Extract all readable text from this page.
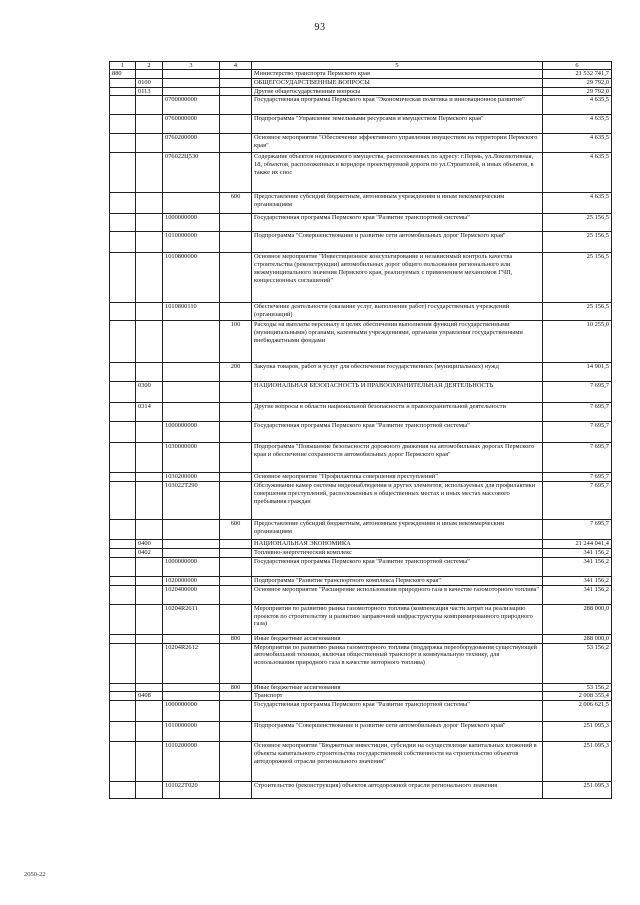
93
1	2	3	4	5	6
880				Министерство транспорта Пермского края	21 532 741,7
	0100			ОБЩЕГОСУДАРСТВЕННЫЕ ВОПРОСЫ	29 792,0
	0113			Другие общегосударственные вопросы	29 792,0
		0700000000		Государственная программа Пермского края "Экономическая политика и инновационное развитие"	4 635,5
		0760000000		Подпрограмма "Управление земельными ресурсами и имуществом Пермского края"	4 635,5
		0760200000		Основное мероприятие "Обеспечение эффективного управления имуществом на территории Пермского края"	4 635,5
		076022Ц530		Содержание объектов недвижимого имущества, расположенных по адресу: г.Пермь, ул.Локомотивная, 18, объектов, расположенных в коридоре проектируемой дороги по ул.Строителей, и иных объектов, в также их снос	4 635,5
			600	Предоставление субсидий бюджетным, автономным учреждениям и иным некоммерческим организациям	4 635,5
		1000000000		Государственная программа Пермского края "Развитие транспортной системы"	25 156,5
		1010000000		Подпрограмма "Совершенствование и развитие сети автомобильных дорог Пермского края"	25 156,5
		1010800000		Основное мероприятие "Инвестиционное консультирование и независимый контроль качества строительства (реконструкции) автомобильных дорог общего пользования регионального или межмуниципального значения Пермского края, реализуемых с применением механизмов ГЧП, концессионных соглашений"	25 156,5
		1010800110		Обеспечение деятельности (оказание услуг, выполнение работ) государственных учреждений (организаций)	25 156,5
			100	Расходы на выплаты персоналу в целях обеспечения выполнения функций государственными (муниципальными) органами, казенными учреждениями, органами управления государственными внебюджетными фондами	10 255,0
			200	Закупка товаров, работ и услуг для обеспечения государственных (муниципальных) нужд	14 901,5
	0300			НАЦИОНАЛЬНАЯ БЕЗОПАСНОСТЬ И ПРАВООХРАНИТЕЛЬНАЯ ДЕЯТЕЛЬНОСТЬ	7 695,7
	0314			Другие вопросы в области национальной безопасности и правоохранительной деятельности	7 695,7
		1000000000		Государственная программа Пермского края "Развитие транспортной системы"	7 695,7
		1030000000		Подпрограмма "Повышение безопасности дорожного движения на автомобильных дорогах Пермского края и обеспечение сохранности автомобильных дорог Пермского края"	7 695,7
		1030200000		Основное мероприятие "Профилактика совершения преступлений"	7 695,7
		103022Т290		Обслуживание камер системы видеонаблюдения и других элементов, используемых для профилактики совершения преступлений, расположенных в общественных местах и иных местах массового пребывания граждан	7 695,7
			600	Предоставление субсидий бюджетным, автономным учреждениям и иным некоммерческим организациям	7 695,7
	0400			НАЦИОНАЛЬНАЯ ЭКОНОМИКА	21 244 041,4
	0402			Топливно-энергетический комплекс	341 156,2
		1000000000		Государственная программа Пермского края "Развитие транспортной системы"	341 156,2
		1020000000		Подпрограмма "Развитие транспортного комплекса Пермского края"	341 156,2
		1020400000		Основное мероприятие "Расширение использования природного газа в качестве газомоторного топлива"	341 156,2
		10204R2611		Мероприятия по развитию рынка газомоторного топлива (компенсация части затрат на реализацию проектов по строительству и развитию заправочной инфраструктуры компримированного природного газа)	288 000,0
			800	Иные бюджетные ассигнования	288 000,0
		10204R2612		Мероприятия по развитию рынка газомоторного топлива (поддержка переоборудования существующей автомобильной техники, включая общественный транспорт и коммунальную технику, для использования природного газа в качестве моторного топлива)	53 156,2
			800	Иные бюджетные ассигнования	53 156,2
	0408			Транспорт	2 008 355,4
		1000000000		Государственная программа Пермского края "Развитие транспортной системы"	2 006 621,5
		1010000000		Подпрограмма "Совершенствование и развитие сети автомобильных дорог Пермского края"	251 095,3
		1010200000		Основное мероприятие "Бюджетные инвестиции, субсидии на осуществление капитальных вложений в объекты капитального строительства государственной собственности на строительство объектов автодорожной отрасли регионального значения"	251 095,3
		101022Т020		Строительство (реконструкция) объектов автодорожной отрасли регионального значения	251 095,3
2050-22
